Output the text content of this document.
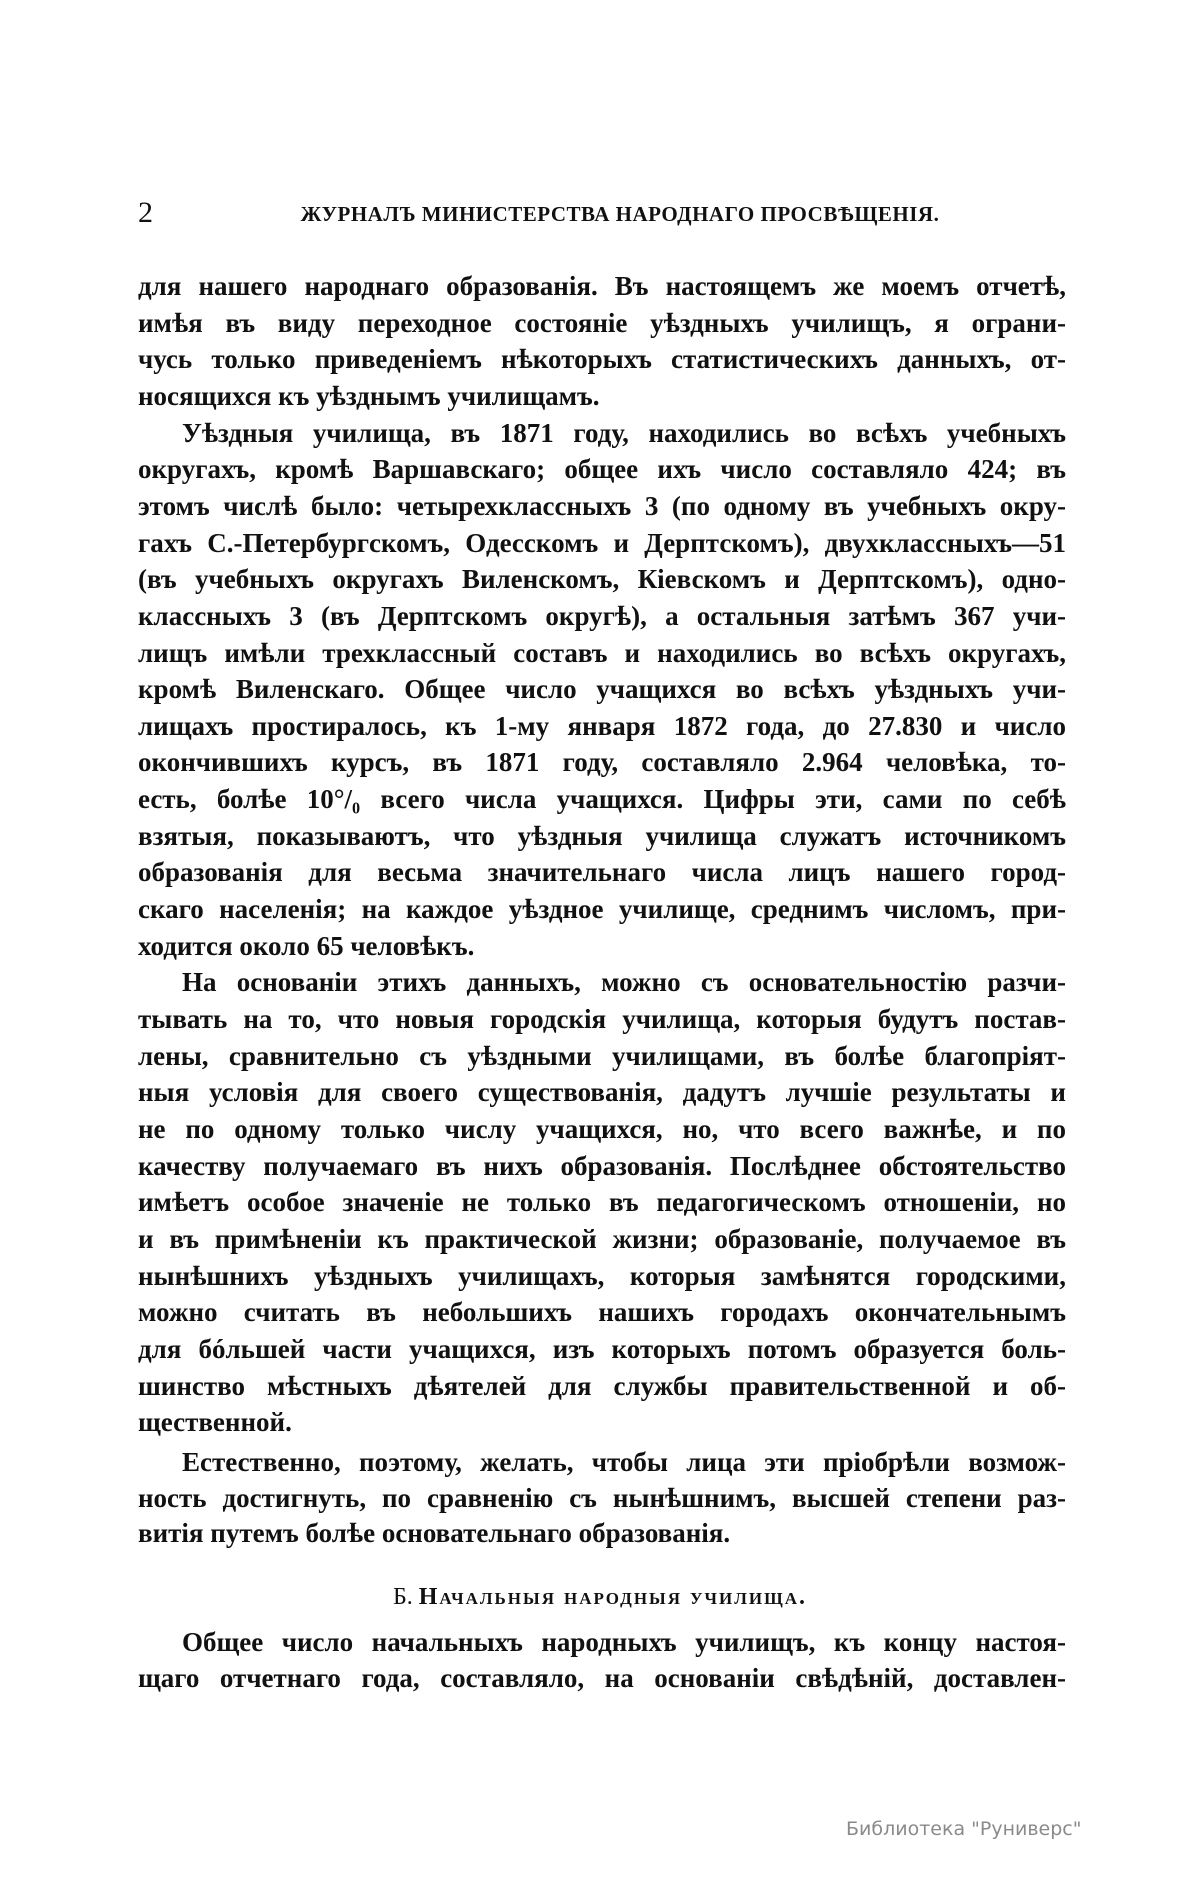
2	ЖУРНАЛЪ МИНИСТЕРСТВА НАРОДНАГО ПРОСВѢЩЕНІЯ.
для нашего народнаго образованія. Въ настоящемъ же моемъ отчетѣ,
имѣя въ виду переходное состояніе уѣздныхъ училищъ, я ограни-
чусь только приведеніемъ нѣкоторыхъ статистическихъ данныхъ, от-
носящихся къ уѣзднымъ училищамъ.
Уѣздныя училища, въ 1871 году, находились во всѣхъ учебныхъ
округахъ, кромѣ Варшавскаго; общее ихъ число составляло 424; въ
этомъ числѣ было: четырехклассныхъ 3 (по одному въ учебныхъ окру-
гахъ С.-Петербургскомъ, Одесскомъ и Дерптскомъ), двухклассныхъ—51
(въ учебныхъ округахъ Виленскомъ, Кіевскомъ и Дерптскомъ), одно-
классныхъ 3 (въ Дерптскомъ округѣ), а остальныя затѣмъ 367 учи-
лищъ имѣли трехклассный составъ и находились во всѣхъ округахъ,
кромѣ Виленскаго. Общее число учащихся во всѣхъ уѣздныхъ учи-
лищахъ простиралось, къ 1-му января 1872 года, до 27.830 и число
окончившихъ курсъ, въ 1871 году, составляло 2.964 человѣка, то-
есть, болѣе 10°/₀ всего числа учащихся. Цифры эти, сами по себѣ
взятыя, показываютъ, что уѣздныя училища служатъ источникомъ
образованія для весьма значительнаго числа лицъ нашего город-
скаго населенія; на каждое уѣздное училище, среднимъ числомъ, при-
ходится около 65 человѣкъ.
На основаніи этихъ данныхъ, можно съ основательностію разчи-
тывать на то, что новыя городскія училища, которыя будутъ постав-
лены, сравнительно съ уѣздными училищами, въ болѣе благопріят-
ныя условія для своего существованія, дадутъ лучшіе результаты и
не по одному только числу учащихся, но, что всего важнѣе, и по
качеству получаемаго въ нихъ образованія. Послѣднее обстоятельство
имѣетъ особое значеніе не только въ педагогическомъ отношеніи, но
и въ примѣненіи къ практической жизни; образованіе, получаемое въ
нынѣшнихъ уѣздныхъ училищахъ, которыя замѣнятся городскими,
можно считать въ небольшихъ нашихъ городахъ окончательнымъ
для бóльшей части учащихся, изъ которыхъ потомъ образуется боль-
шинство мѣстныхъ дѣятелей для службы правительственной и об-
щественной.
Естественно, поэтому, желать, чтобы лица эти пріобрѣли возмож-
ность достигнуть, по сравненію съ нынѣшнимъ, высшей степени раз-
витія путемъ болѣе основательнаго образованія.
Б. Начальныя народныя училища.
Общее число начальныхъ народныхъ училищъ, къ концу настоя-
щаго отчетнаго года, составляло, на основаніи свѣдѣній, доставлен-
Библиотека "Руниверс"
